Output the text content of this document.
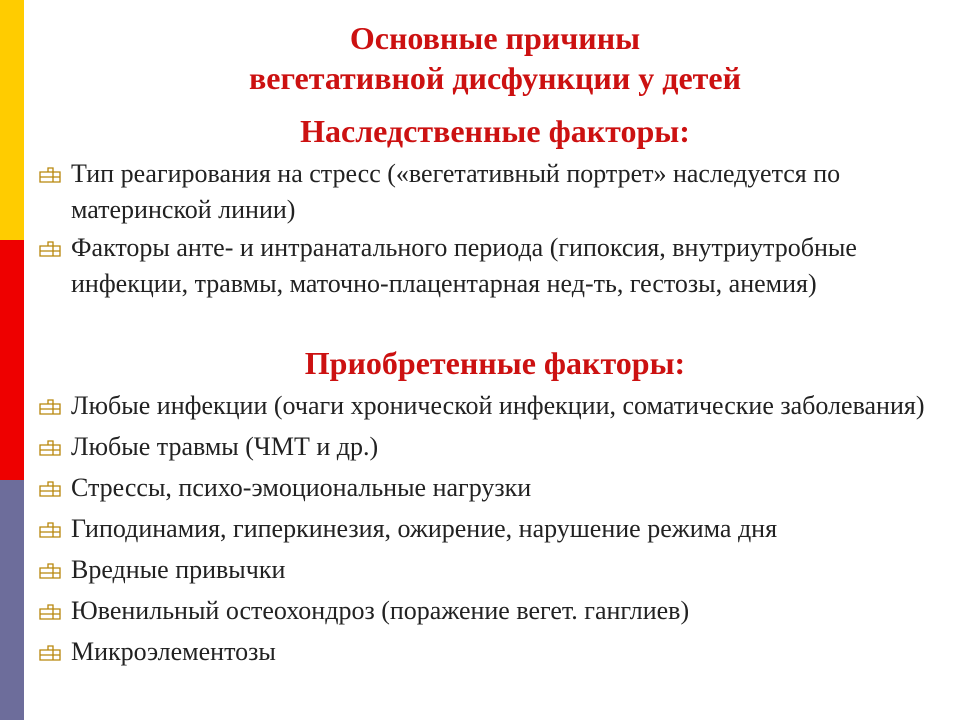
Основные причины
вегетативной дисфункции у детей
Наследственные факторы:
Тип реагирования на стресс («вегетативный портрет» наследуется по материнской линии)
Факторы анте- и интранатального периода (гипоксия, внутриутробные инфекции, травмы, маточно-плацентарная нед-ть, гестозы, анемия)
Приобретенные факторы:
Любые инфекции (очаги хронической инфекции, соматические заболевания)
Любые травмы (ЧМТ и др.)
Стрессы, психо-эмоциональные нагрузки
Гиподинамия, гиперкинезия, ожирение, нарушение режима дня
Вредные привычки
Ювенильный остеохондроз (поражение вегет. ганглиев)
Микроэлементозы
